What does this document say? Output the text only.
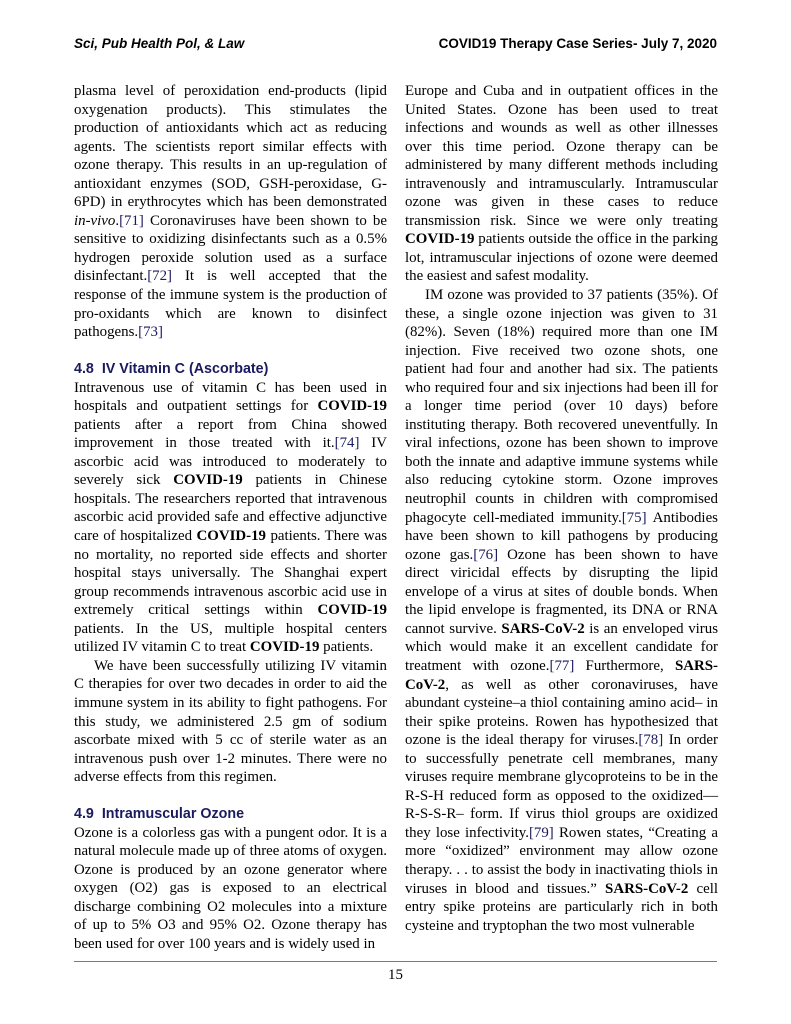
Sci, Pub Health Pol, & Law	COVID19 Therapy Case Series- July 7, 2020

plasma level of peroxidation end-products (lipid oxygenation products). This stimulates the production of antioxidants which act as reducing agents. The scientists report similar effects with ozone therapy. This results in an up-regulation of antioxidant enzymes (SOD, GSH-peroxidase, G-6PD) in erythrocytes which has been demonstrated in-vivo.[71] Coronaviruses have been shown to be sensitive to oxidizing disinfectants such as a 0.5% hydrogen peroxide solution used as a surface disinfectant.[72] It is well accepted that the response of the immune system is the production of pro-oxidants which are known to disinfect pathogens.[73]

4.8 IV Vitamin C (Ascorbate)

Intravenous use of vitamin C has been used in hospitals and outpatient settings for COVID-19 patients after a report from China showed improvement in those treated with it.[74] IV ascorbic acid was introduced to moderately to severely sick COVID-19 patients in Chinese hospitals. The researchers reported that intravenous ascorbic acid provided safe and effective adjunctive care of hospitalized COVID-19 patients. There was no mortality, no reported side effects and shorter hospital stays universally. The Shanghai expert group recommends intravenous ascorbic acid use in extremely critical settings within COVID-19 patients. In the US, multiple hospital centers utilized IV vitamin C to treat COVID-19 patients.

We have been successfully utilizing IV vitamin C therapies for over two decades in order to aid the immune system in its ability to fight pathogens. For this study, we administered 2.5 gm of sodium ascorbate mixed with 5 cc of sterile water as an intravenous push over 1-2 minutes. There were no adverse effects from this regimen.

4.9 Intramuscular Ozone

Ozone is a colorless gas with a pungent odor. It is a natural molecule made up of three atoms of oxygen. Ozone is produced by an ozone generator where oxygen (O2) gas is exposed to an electrical discharge combining O2 molecules into a mixture of up to 5% O3 and 95% O2. Ozone therapy has been used for over 100 years and is widely used in

Europe and Cuba and in outpatient offices in the United States. Ozone has been used to treat infections and wounds as well as other illnesses over this time period. Ozone therapy can be administered by many different methods including intravenously and intramuscularly. Intramuscular ozone was given in these cases to reduce transmission risk. Since we were only treating COVID-19 patients outside the office in the parking lot, intramuscular injections of ozone were deemed the easiest and safest modality.

IM ozone was provided to 37 patients (35%). Of these, a single ozone injection was given to 31 (82%). Seven (18%) required more than one IM injection. Five received two ozone shots, one patient had four and another had six. The patients who required four and six injections had been ill for a longer time period (over 10 days) before instituting therapy. Both recovered uneventfully. In viral infections, ozone has been shown to improve both the innate and adaptive immune systems while also reducing cytokine storm. Ozone improves neutrophil counts in children with compromised phagocyte cell-mediated immunity.[75] Antibodies have been shown to kill pathogens by producing ozone gas.[76] Ozone has been shown to have direct viricidal effects by disrupting the lipid envelope of a virus at sites of double bonds. When the lipid envelope is fragmented, its DNA or RNA cannot survive. SARS-CoV-2 is an enveloped virus which would make it an excellent candidate for treatment with ozone.[77] Furthermore, SARS-CoV-2, as well as other coronaviruses, have abundant cysteine–a thiol containing amino acid– in their spike proteins. Rowen has hypothesized that ozone is the ideal therapy for viruses.[78] In order to successfully penetrate cell membranes, many viruses require membrane glycoproteins to be in the R-S-H reduced form as opposed to the oxidized—R-S-S-R– form. If virus thiol groups are oxidized they lose infectivity.[79] Rowen states, “Creating a more “oxidized” environment may allow ozone therapy. . . to assist the body in inactivating thiols in viruses in blood and tissues.” SARS-CoV-2 cell entry spike proteins are particularly rich in both cysteine and tryptophan the two most vulnerable

15
